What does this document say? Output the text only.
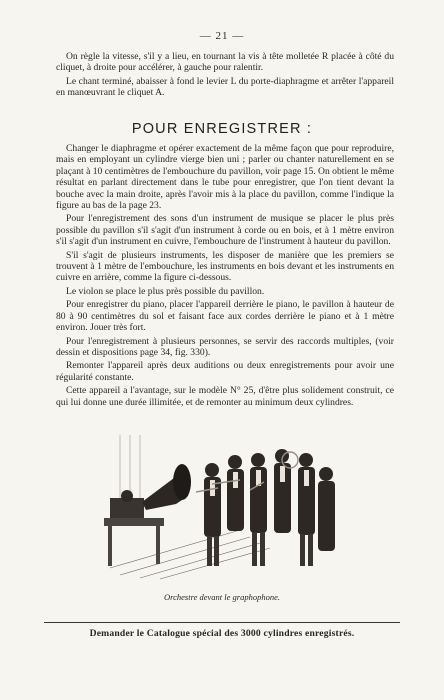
— 21 —

On règle la vitesse, s'il y a lieu, en tournant la vis à tête molletée R placée à côté du cliquet, à droite pour accélérer, à gauche pour ralentir.

Le chant terminé, abaisser à fond le levier L du porte-diaphragme et arrêter l'appareil en manœuvrant le cliquet A.

POUR ENREGISTRER :

Changer le diaphragme et opérer exactement de la même façon que pour reproduire, mais en employant un cylindre vierge bien uni ; parler ou chanter naturellement en se plaçant à 10 centimètres de l'embouchure du pavillon, voir page 15. On obtient le même résultat en parlant directement dans le tube pour enregistrer, que l'on tient devant la bouche avec la main droite, après l'avoir mis à la place du pavillon, comme l'indique la figure au bas de la page 23.

Pour l'enregistrement des sons d'un instrument de musique se placer le plus près possible du pavillon s'il s'agit d'un instrument à corde ou en bois, et à 1 mètre environ s'il s'agit d'un instrument en cuivre, l'embouchure de l'instrument à hauteur du pavillon.

S'il s'agit de plusieurs instruments, les disposer de manière que les premiers se trouvent à 1 mètre de l'embouchure, les instruments en bois devant et les instruments en cuivre en arrière, comme la figure ci-dessous.

Le violon se place le plus près possible du pavillon.

Pour enregistrer du piano, placer l'appareil derrière le piano, le pavillon à hauteur de 80 à 90 centimètres du sol et faisant face aux cordes derrière le piano et à 1 mètre environ. Jouer très fort.

Pour l'enregistrement à plusieurs personnes, se servir des raccords multiples, (voir dessin et dispositions page 34, fig. 330).

Remonter l'appareil après deux auditions ou deux enregistrements pour avoir une régularité constante.

Cette appareil a l'avantage, sur le modèle N° 25, d'être plus solidement construit, ce qui lui donne une durée illimitée, et de remonter au minimum deux cylindres.

Orchestre devant le graphophone.
Demander le Catalogue spécial des 3000 cylindres enregistrés.
